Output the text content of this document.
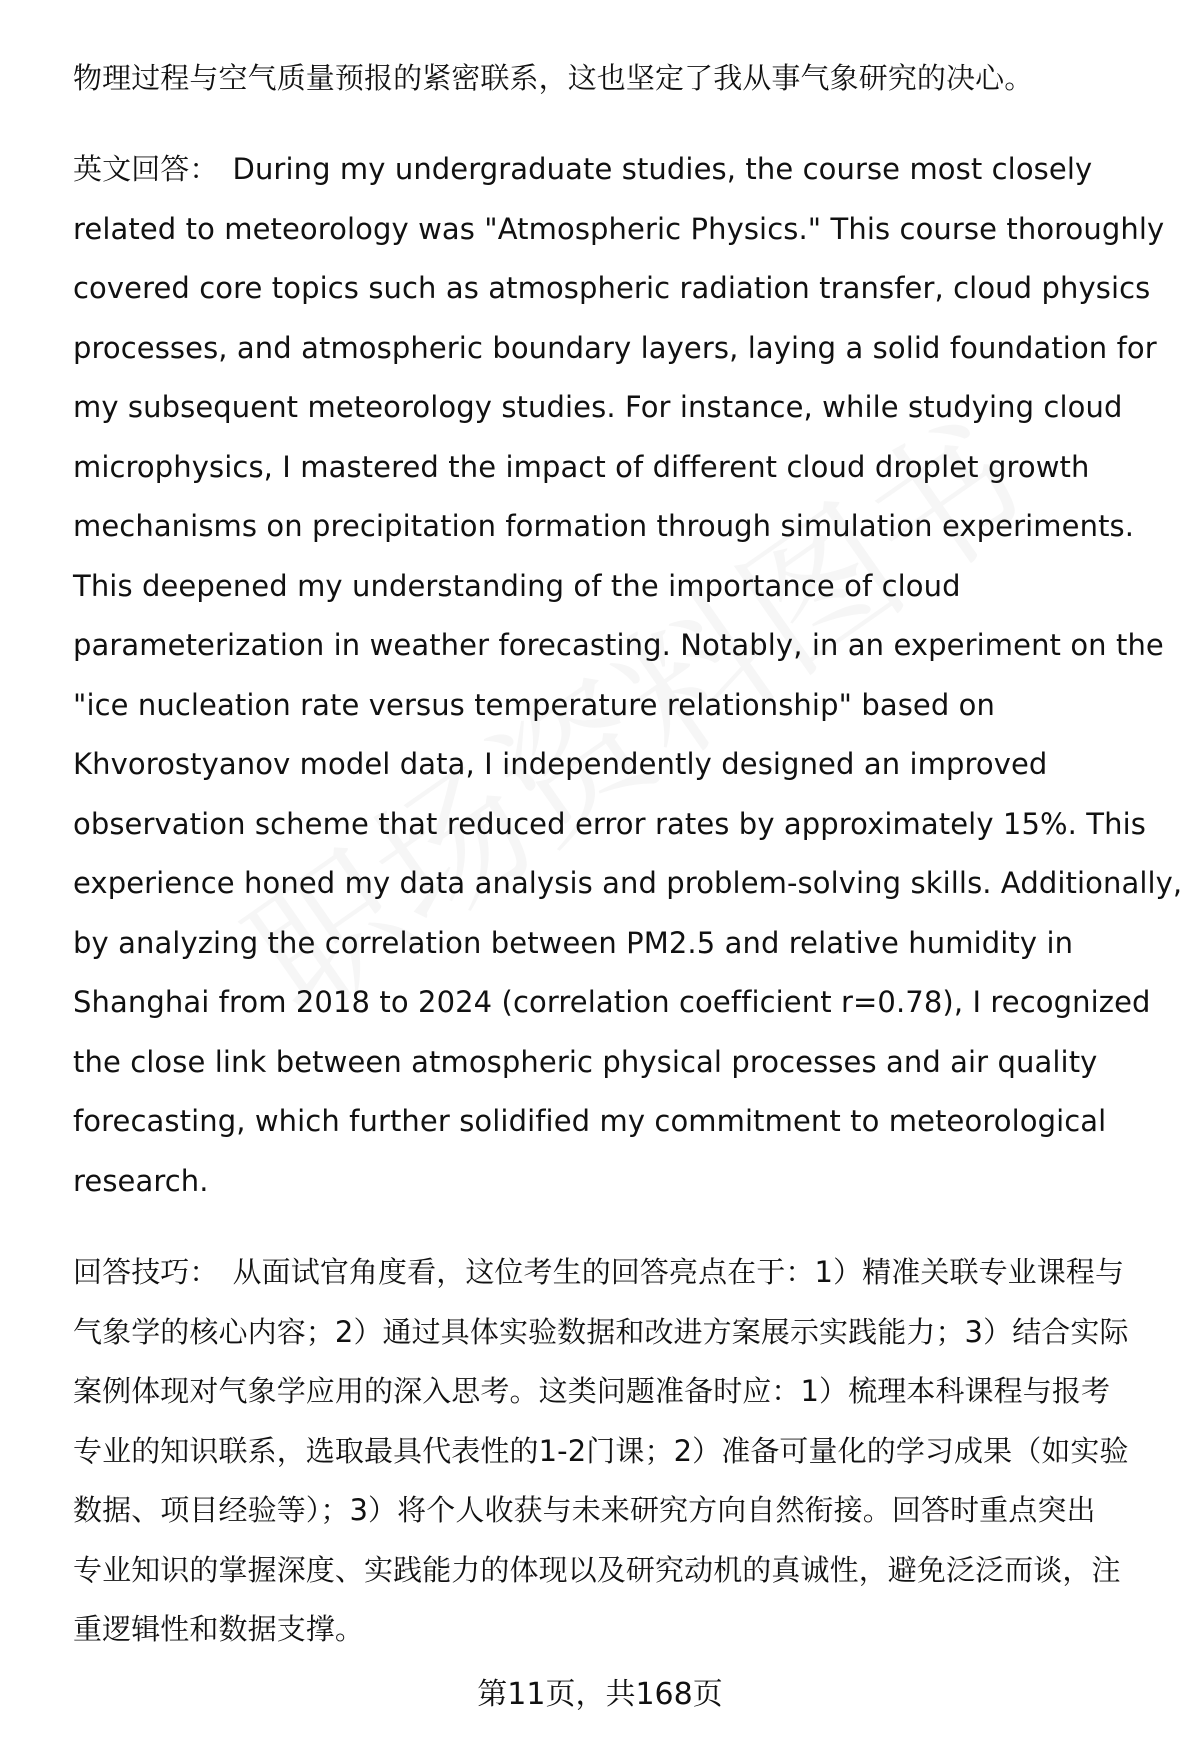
物理过程与空气质量预报的紧密联系，这也坚定了我从事气象研究的决心。
英文回答： During my undergraduate studies, the course most closely
related to meteorology was "Atmospheric Physics." This course thoroughly
covered core topics such as atmospheric radiation transfer, cloud physics
processes, and atmospheric boundary layers, laying a solid foundation for
my subsequent meteorology studies. For instance, while studying cloud
microphysics, I mastered the impact of different cloud droplet growth
mechanisms on precipitation formation through simulation experiments.
This deepened my understanding of the importance of cloud
parameterization in weather forecasting. Notably, in an experiment on the
"ice nucleation rate versus temperature relationship" based on
Khvorostyanov model data, I independently designed an improved
observation scheme that reduced error rates by approximately 15%. This
experience honed my data analysis and problem-solving skills. Additionally,
by analyzing the correlation between PM2.5 and relative humidity in
Shanghai from 2018 to 2024 (correlation coefficient r=0.78), I recognized
the close link between atmospheric physical processes and air quality
forecasting, which further solidified my commitment to meteorological
research.
回答技巧： 从面试官角度看，这位考生的回答亮点在于：1）精准关联专业课程与
气象学的核心内容；2）通过具体实验数据和改进方案展示实践能力；3）结合实际
案例体现对气象学应用的深入思考。这类问题准备时应：1）梳理本科课程与报考
专业的知识联系，选取最具代表性的1-2门课；2）准备可量化的学习成果（如实验
数据、项目经验等）；3）将个人收获与未来研究方向自然衔接。回答时重点突出
专业知识的掌握深度、实践能力的体现以及研究动机的真诚性，避免泛泛而谈，注
重逻辑性和数据支撑。
第11页，共168页
